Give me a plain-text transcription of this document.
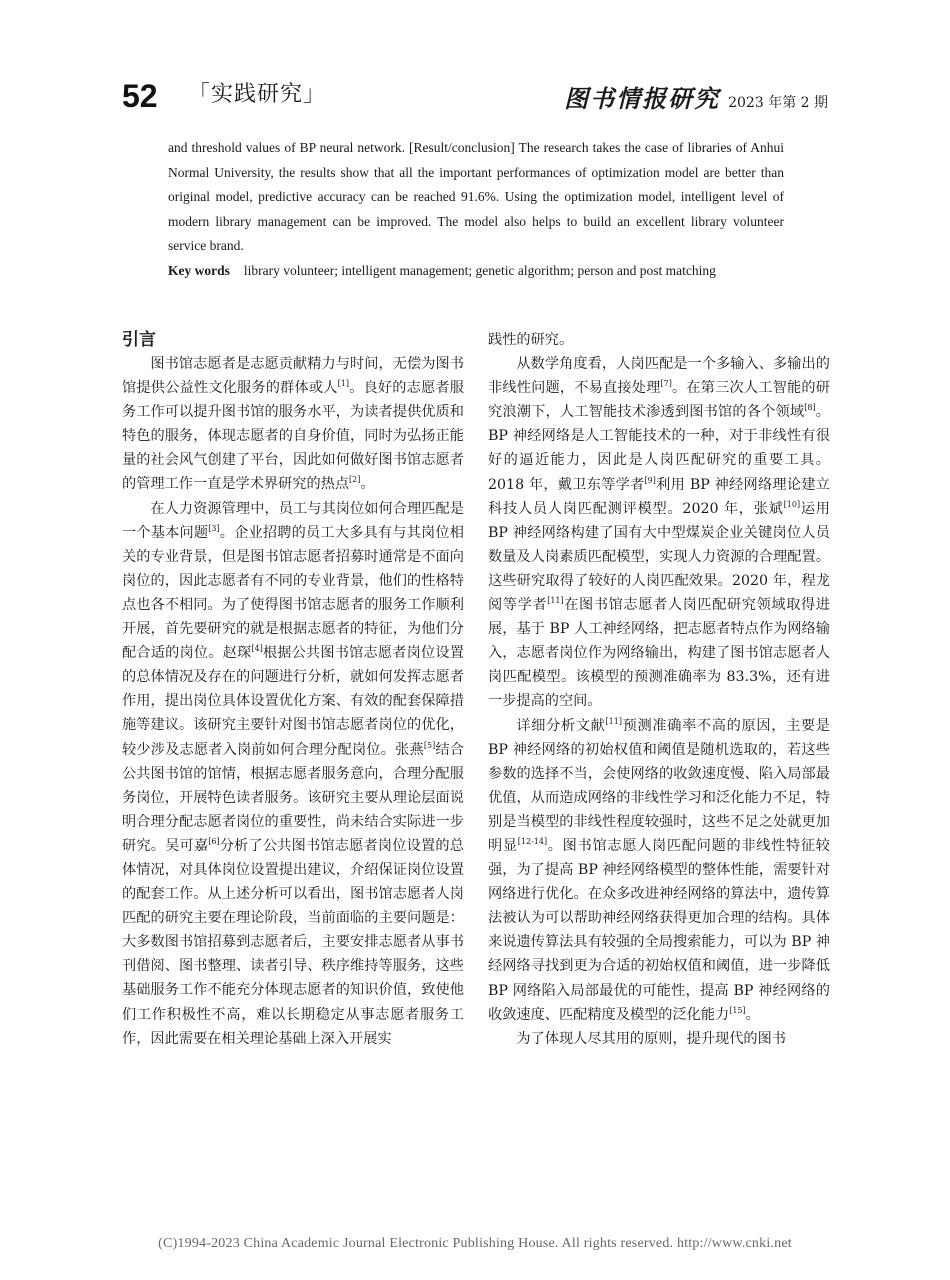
52 「实践研究」	图书情报研究 2023 年第 2 期

and threshold values of BP neural network. [Result/conclusion] The research takes the case of libraries of Anhui Normal University, the results show that all the important performances of optimization model are better than original model, predictive accuracy can be reached 91.6%. Using the optimization model, intelligent level of modern library management can be improved. The model also helps to build an excellent library volunteer service brand.

Key words library volunteer; intelligent management; genetic algorithm; person and post matching

引言

图书馆志愿者是志愿贡献精力与时间，无偿为图书馆提供公益性文化服务的群体或人[1]。良好的志愿者服务工作可以提升图书馆的服务水平，为读者提供优质和特色的服务，体现志愿者的自身价值，同时为弘扬正能量的社会风气创建了平台，因此如何做好图书馆志愿者的管理工作一直是学术界研究的热点[2]。

在人力资源管理中，员工与其岗位如何合理匹配是一个基本问题[3]。企业招聘的员工大多具有与其岗位相关的专业背景，但是图书馆志愿者招募时通常是不面向岗位的，因此志愿者有不同的专业背景，他们的性格特点也各不相同。为了使得图书馆志愿者的服务工作顺利开展，首先要研究的就是根据志愿者的特征，为他们分配合适的岗位。赵琛[4]根据公共图书馆志愿者岗位设置的总体情况及存在的问题进行分析，就如何发挥志愿者作用，提出岗位具体设置优化方案、有效的配套保障措施等建议。该研究主要针对图书馆志愿者岗位的优化，较少涉及志愿者入岗前如何合理分配岗位。张燕[5]结合公共图书馆的馆情，根据志愿者服务意向，合理分配服务岗位，开展特色读者服务。该研究主要从理论层面说明合理分配志愿者岗位的重要性，尚未结合实际进一步研究。吴可嘉[6]分析了公共图书馆志愿者岗位设置的总体情况，对具体岗位设置提出建议，介绍保证岗位设置的配套工作。从上述分析可以看出，图书馆志愿者人岗匹配的研究主要在理论阶段，当前面临的主要问题是：大多数图书馆招募到志愿者后，主要安排志愿者从事书刊借阅、图书整理、读者引导、秩序维持等服务，这些基础服务工作不能充分体现志愿者的知识价值，致使他们工作积极性不高，难以长期稳定从事志愿者服务工作，因此需要在相关理论基础上深入开展实

践性的研究。

从数学角度看，人岗匹配是一个多输入、多输出的非线性问题，不易直接处理[7]。在第三次人工智能的研究浪潮下，人工智能技术渗透到图书馆的各个领域[8]。BP 神经网络是人工智能技术的一种，对于非线性有很好的逼近能力，因此是人岗匹配研究的重要工具。2018 年，戴卫东等学者[9]利用 BP 神经网络理论建立科技人员人岗匹配测评模型。2020 年，张斌[10]运用 BP 神经网络构建了国有大中型煤炭企业关键岗位人员数量及人岗素质匹配模型，实现人力资源的合理配置。这些研究取得了较好的人岗匹配效果。2020 年，程龙阅等学者[11]在图书馆志愿者人岗匹配研究领域取得进展，基于 BP 人工神经网络，把志愿者特点作为网络输入，志愿者岗位作为网络输出，构建了图书馆志愿者人岗匹配模型。该模型的预测准确率为 83.3%，还有进一步提高的空间。

详细分析文献[11]预测准确率不高的原因，主要是 BP 神经网络的初始权值和阈值是随机选取的，若这些参数的选择不当，会使网络的收敛速度慢、陷入局部最优值，从而造成网络的非线性学习和泛化能力不足，特别是当模型的非线性程度较强时，这些不足之处就更加明显[12-14]。图书馆志愿人岗匹配问题的非线性特征较强，为了提高 BP 神经网络模型的整体性能，需要针对网络进行优化。在众多改进神经网络的算法中，遗传算法被认为可以帮助神经网络获得更加合理的结构。具体来说遗传算法具有较强的全局搜索能力，可以为 BP 神经网络寻找到更为合适的初始权值和阈值，进一步降低 BP 网络陷入局部最优的可能性，提高 BP 神经网络的收敛速度、匹配精度及模型的泛化能力[15]。

为了体现人尽其用的原则，提升现代的图书

(C)1994-2023 China Academic Journal Electronic Publishing House. All rights reserved. http://www.cnki.net
